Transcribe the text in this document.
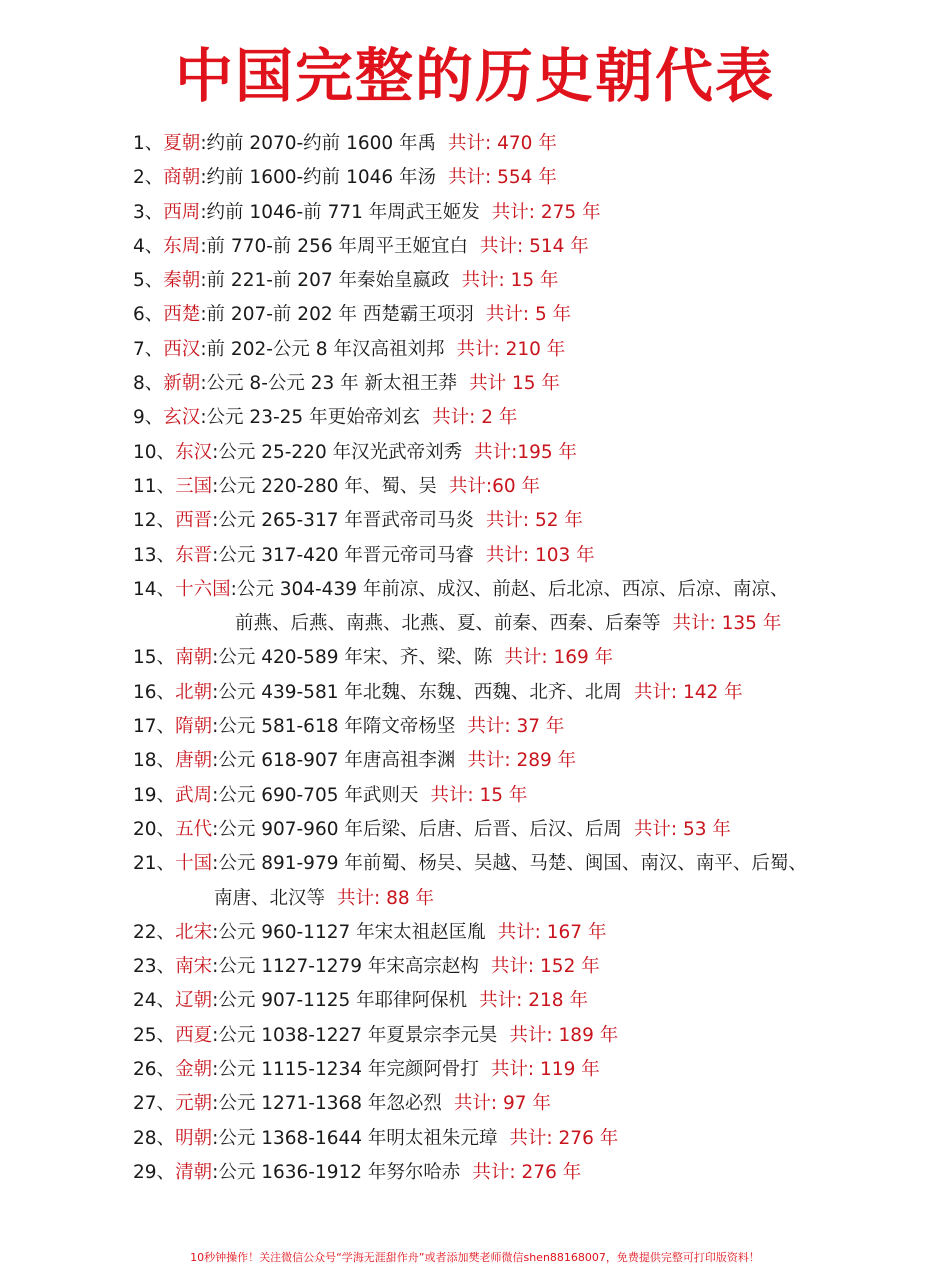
中国完整的历史朝代表
1、夏朝:约前 2070-约前 1600 年禹 共计: 470 年
2、商朝:约前 1600-约前 1046 年汤 共计: 554 年
3、西周:约前 1046-前 771 年周武王姬发 共计: 275 年
4、东周:前 770-前 256 年周平王姬宜白 共计: 514 年
5、秦朝:前 221-前 207 年秦始皇嬴政 共计: 15 年
6、西楚:前 207-前 202 年 西楚霸王项羽 共计: 5 年
7、西汉:前 202-公元 8 年汉高祖刘邦 共计: 210 年
8、新朝:公元 8-公元 23 年 新太祖王莽 共计 15 年
9、玄汉:公元 23-25 年更始帝刘玄 共计: 2 年
10、东汉:公元 25-220 年汉光武帝刘秀 共计:195 年
11、三国:公元 220-280 年、蜀、吴 共计:60 年
12、西晋:公元 265-317 年晋武帝司马炎 共计: 52 年
13、东晋:公元 317-420 年晋元帝司马睿 共计: 103 年
14、十六国:公元 304-439 年前凉、成汉、前赵、后北凉、西凉、后凉、南凉、
前燕、后燕、南燕、北燕、夏、前秦、西秦、后秦等 共计: 135 年
15、南朝:公元 420-589 年宋、齐、梁、陈 共计: 169 年
16、北朝:公元 439-581 年北魏、东魏、西魏、北齐、北周 共计: 142 年
17、隋朝:公元 581-618 年隋文帝杨坚 共计: 37 年
18、唐朝:公元 618-907 年唐高祖李渊 共计: 289 年
19、武周:公元 690-705 年武则天 共计: 15 年
20、五代:公元 907-960 年后梁、后唐、后晋、后汉、后周 共计: 53 年
21、十国:公元 891-979 年前蜀、杨吴、吴越、马楚、闽国、南汉、南平、后蜀、
南唐、北汉等 共计: 88 年
22、北宋:公元 960-1127 年宋太祖赵匡胤 共计: 167 年
23、南宋:公元 1127-1279 年宋高宗赵构 共计: 152 年
24、辽朝:公元 907-1125 年耶律阿保机 共计: 218 年
25、西夏:公元 1038-1227 年夏景宗李元昊 共计: 189 年
26、金朝:公元 1115-1234 年完颜阿骨打 共计: 119 年
27、元朝:公元 1271-1368 年忽必烈 共计: 97 年
28、明朝:公元 1368-1644 年明太祖朱元璋 共计: 276 年
29、清朝:公元 1636-1912 年努尔哈赤 共计: 276 年
10秒钟操作！关注微信公众号“学海无涯甜作舟”或者添加樊老师微信shen88168007，免费提供完整可打印版资料！
